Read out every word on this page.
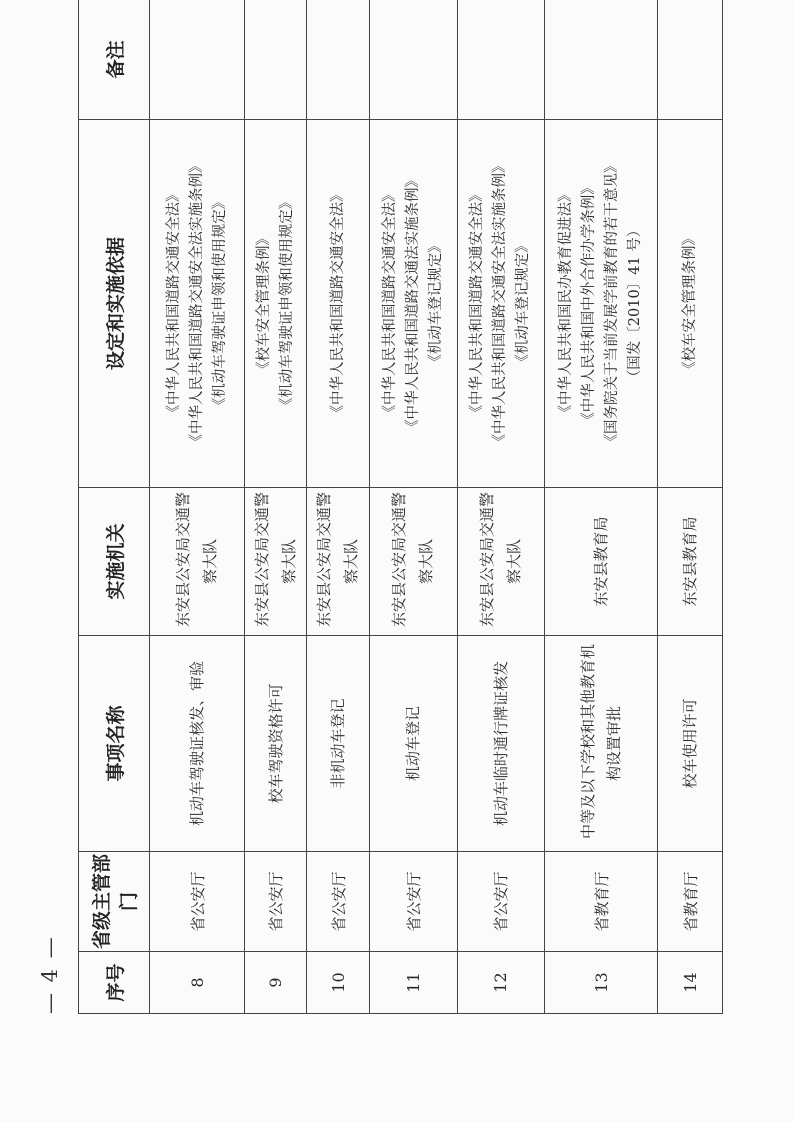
— 4 — 序号	省级主管部门	事项名称	实施机关	设定和实施依据	备注
8	省公安厅	机动车驾驶证核发、审验	东安县公安局交通警 察大队	《中华人民共和国道路交通安全法》 《中华人民共和国道路交通安全法实施条例》 《机动车驾驶证申领和使用规定》	

9	省公安厅	校车驾驶资格许可	东安县公安局交通警 察大队	《校车安全管理条例》 《机动车驾驶证申领和使用规定》	

10	省公安厅	非机动车登记	东安县公安局交通警 察大队	《中华人民共和国道路交通安全法》	

11	省公安厅	机动车登记	东安县公安局交通警 察大队	《中华人民共和国道路交通安全法》 《中华人民共和国道路交通法实施条例》 《机动车登记规定》	

12	省公安厅	机动车临时通行牌证核发	东安县公安局交通警 察大队	《中华人民共和国道路交通安全法》 《中华人民共和国道路交通安全法实施条例》 《机动车登记规定》	

13	省教育厅	中等及以下学校和其他教育机 构设置审批	东安县教育局	《中华人民共和国民办教育促进法》 《中华人民共和国中外合作办学条例》 《国务院关于当前发展学前教育的若干意见》 （国发〔2010〕41 号）	

14	省教育厅	校车使用许可	东安县教育局	《校车安全管理条例》	
